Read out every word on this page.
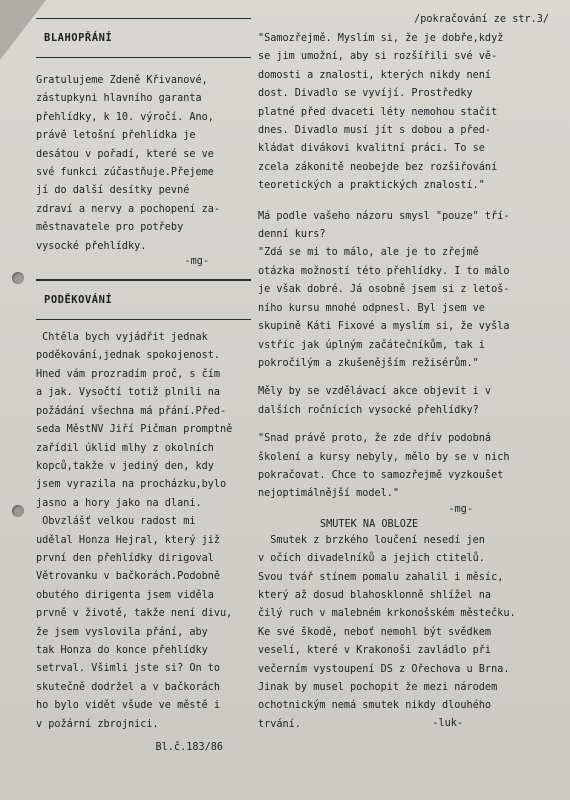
BLAHOPŘÁNÍ
Gratulujeme Zdeně Křivanové,
zástupkyni hlavního garanta
přehlídky, k 10. výročí. Ano,
právě letošní přehlídka je
desátou v pořadí, které se ve
své funkci zúčastňuje.Přejeme
jí do další desítky pevné
zdraví a nervy a pochopení za-
městnavatele pro potřeby
vysocké přehlídky.

-mg-

PODĚKOVÁNÍ
Chtěla bych vyjádřit jednak
poděkování,jednak spokojenost.
Hned vám prozradím proč, s čím
a jak. Vysočtí totiž plnili na
požádání všechna má přání.Před-
seda MěstNV Jiří Pičman promptně
zařídil úklid mlhy z okolních
kopců,takže v jediný den, kdy
jsem vyrazila na procházku,bylo
jasno a hory jako na dlani.
Obvzlášť velkou radost mi
udělal Honza Hejral, který již
první den přehlídky dirigoval
Větrovanku v bačkorách.Podobně
obutého dirigenta jsem viděla
prvně v životě, takže není divu,
že jsem vyslovila přání, aby
tak Honza do konce přehlídky
setrval. Všimli jste si? On to
skutečně dodržel a v bačkorách
ho bylo vidět všude ve městě i
v požární zbrojnici.

Bl.č.183/86

/pokračování ze str.3/
"Samozřejmě. Myslím si, že je dobře,když
se jim umožní, aby si rozšířili své vě-
domosti a znalosti, kterých nikdy není
dost. Divadlo se vyvíjí. Prostředky
platné před dvaceti léty nemohou stačit
dnes. Divadlo musí jít s dobou a před-
kládat divákovi kvalitní práci. To se
zcela zákonitě neobejde bez rozšiřování
teoretických a praktických znalostí."
Má podle vašeho názoru smysl "pouze" tří-
denní kurs?
"Zdá se mi to málo, ale je to zřejmě
otázka možností této přehlídky. I to málo
je však dobré. Já osobně jsem si z letoš-
ního kursu mnohé odpnesl. Byl jsem ve
skupině Káti Fixové a myslím si, že vyšla
vstříc jak úplným začátečníkům, tak i
pokročilým a zkušenějším režisérům."
Měly by se vzdělávací akce objevit i v
dalších ročnících vysocké přehlídky?
"Snad právě proto, že zde dřív podobná
školení a kursy nebyly, mělo by se v nich
pokračovat. Chce to samozřejmě vyzkoušet
nejoptimálnější model."

-mg-

SMUTEK NA OBLOZE
Smutek z brzkého loučení nesedí jen
v očích divadelníků a jejich ctitelů.
Svou tvář stínem pomalu zahalil i měsíc,
který až dosud blahosklonně shlížel na
čilý ruch v malebném krkonošském městečku.
Ke své škodě, neboť nemohl být svědkem
veselí, které v Krakonoši zavládlo při
večerním vystoupení DS z Ořechova u Brna.
Jinak by musel pochopit že mezi národem
ochotnickým nemá smutek nikdy dlouhého
trvání.	-luk-
